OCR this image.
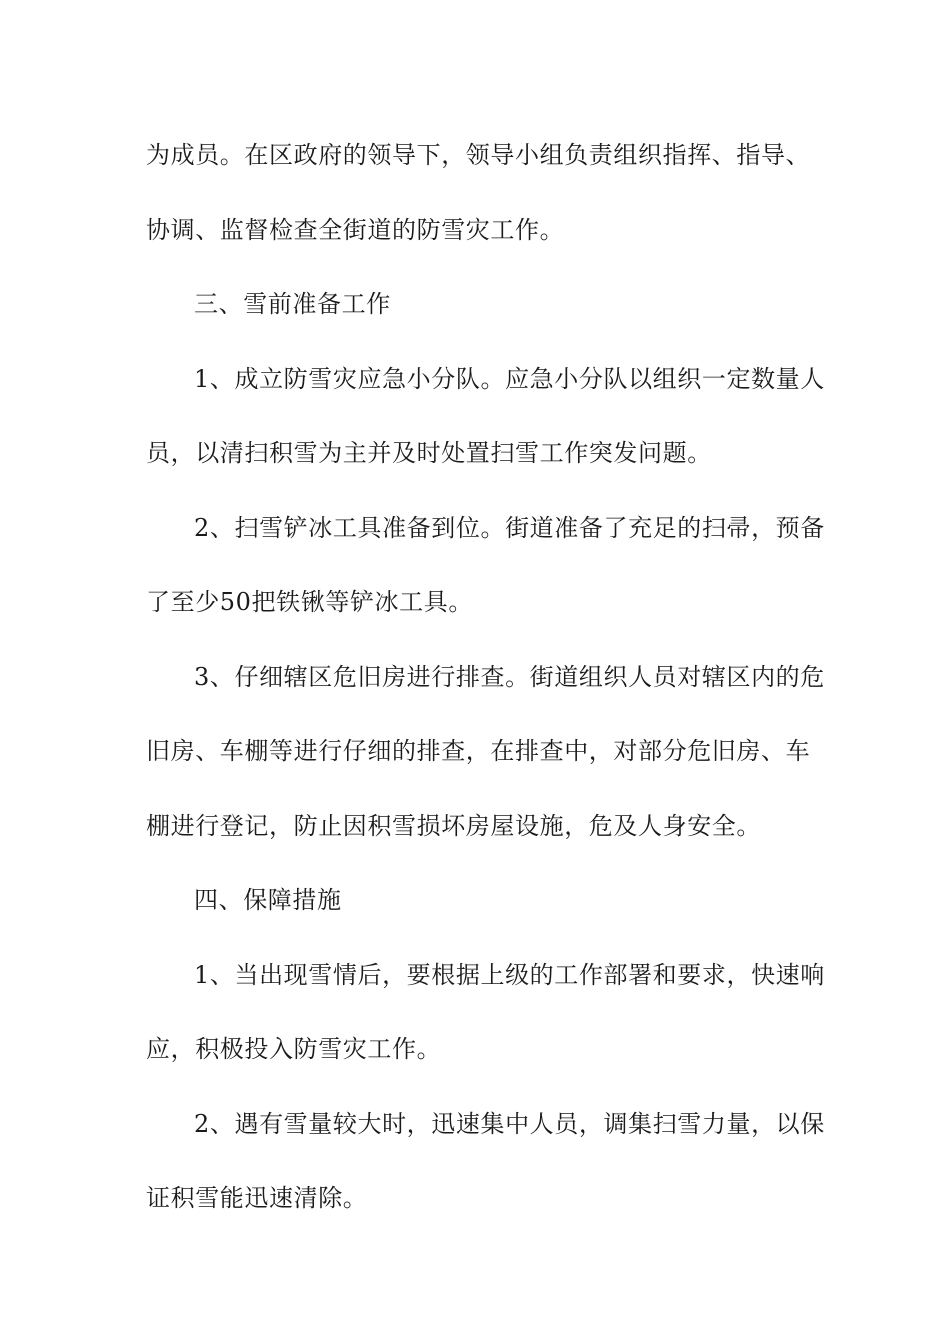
为成员。在区政府的领导下，领导小组负责组织指挥、指导、
协调、监督检查全街道的防雪灾工作。
三、雪前准备工作
1、成立防雪灾应急小分队。应急小分队以组织一定数量人
员，以清扫积雪为主并及时处置扫雪工作突发问题。
2、扫雪铲冰工具准备到位。街道准备了充足的扫帚，预备
了至少50把铁锹等铲冰工具。
3、仔细辖区危旧房进行排查。街道组织人员对辖区内的危
旧房、车棚等进行仔细的排查，在排查中，对部分危旧房、车
棚进行登记，防止因积雪损坏房屋设施，危及人身安全。
四、保障措施
1、当出现雪情后，要根据上级的工作部署和要求，快速响
应，积极投入防雪灾工作。
2、遇有雪量较大时，迅速集中人员，调集扫雪力量，以保
证积雪能迅速清除。
